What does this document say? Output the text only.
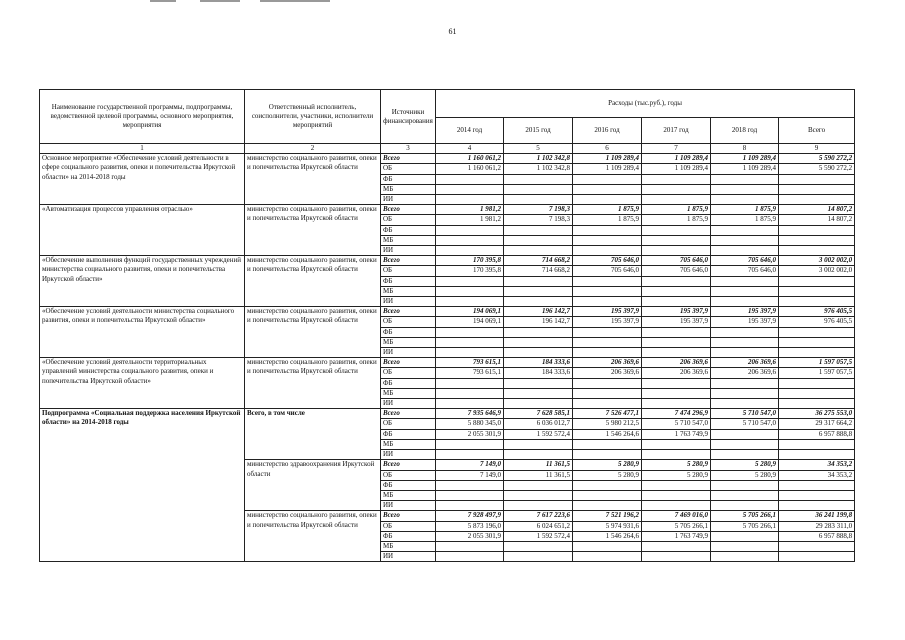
61
Наименование государственной программы, подпрограммы, ведомственной целевой программы, основного мероприятия, мероприятия	Ответственный исполнитель, соисполнители, участники, исполнители мероприятий	Источники финансирования	Расходы (тыс.руб.), годы					
			2014 год	2015 год	2016 год	2017 год	2018 год	Всего
1	2	3	4	5	6	7	8	9
Основное мероприятие «Обеспечение условий деятельности в сфере социального развития, опеки и попечительства Иркутской области» на 2014-2018 годы	министерство социального развития, опеки и попечительства Иркутской области	Всего	1 160 061,2	1 102 342,8	1 109 289,4	1 109 289,4	1 109 289,4	5 590 272,2
		ОБ	1 160 061,2	1 102 342,8	1 109 289,4	1 109 289,4	1 109 289,4	5 590 272,2
		ФБ						
		МБ						
		ИИ						
«Автоматизация процессов управления отраслью»	министерство социального развития, опеки и попечительства Иркутской области	Всего	1 981,2	7 198,3	1 875,9	1 875,9	1 875,9	14 807,2
		ОБ	1 981,2	7 198,3	1 875,9	1 875,9	1 875,9	14 807,2
		ФБ						
		МБ						
		ИИ						
«Обеспечение выполнения функций государственных учреждений министерства социального развития, опеки и попечительства Иркутской области»	министерство социального развития, опеки и попечительства Иркутской области	Всего	170 395,8	714 668,2	705 646,0	705 646,0	705 646,0	3 002 002,0
		ОБ	170 395,8	714 668,2	705 646,0	705 646,0	705 646,0	3 002 002,0
		ФБ						
		МБ						
		ИИ						
«Обеспечение условий деятельности министерства социального развития, опеки и попечительства Иркутской области»	министерство социального развития, опеки и попечительства Иркутской области	Всего	194 069,1	196 142,7	195 397,9	195 397,9	195 397,9	976 405,5
		ОБ	194 069,1	196 142,7	195 397,9	195 397,9	195 397,9	976 405,5
		ФБ						
		МБ						
		ИИ						
«Обеспечение условий деятельности территориальных управлений министерства социального развития, опеки и попечительства Иркутской области»	министерство социального развития, опеки и попечительства Иркутской области	Всего	793 615,1	184 333,6	206 369,6	206 369,6	206 369,6	1 597 057,5
		ОБ	793 615,1	184 333,6	206 369,6	206 369,6	206 369,6	1 597 057,5
		ФБ						
		МБ						
		ИИ						
Подпрограмма «Социальная поддержка населения Иркутской области» на 2014-2018 годы	Всего, в том числе	Всего	7 935 646,9	7 628 585,1	7 526 477,1	7 474 296,9	5 710 547,0	36 275 553,0
		ОБ	5 880 345,0	6 036 012,7	5 980 212,5	5 710 547,0	5 710 547,0	29 317 664,2
		ФБ	2 055 301,9	1 592 572,4	1 546 264,6	1 763 749,9		6 957 888,8
		МБ						
		ИИ						
	министерство здравоохранения Иркутской области	Всего	7 149,0	11 361,5	5 280,9	5 280,9	5 280,9	34 353,2
		ОБ	7 149,0	11 361,5	5 280,9	5 280,9	5 280,9	34 353,2
		ФБ						
		МБ						
		ИИ						
	министерство социального развития, опеки и попечительства Иркутской области	Всего	7 928 497,9	7 617 223,6	7 521 196,2	7 469 016,0	5 705 266,1	36 241 199,8
		ОБ	5 873 196,0	6 024 651,2	5 974 931,6	5 705 266,1	5 705 266,1	29 283 311,0
		ФБ	2 055 301,9	1 592 572,4	1 546 264,6	1 763 749,9		6 957 888,8
		МБ						
		ИИ						
